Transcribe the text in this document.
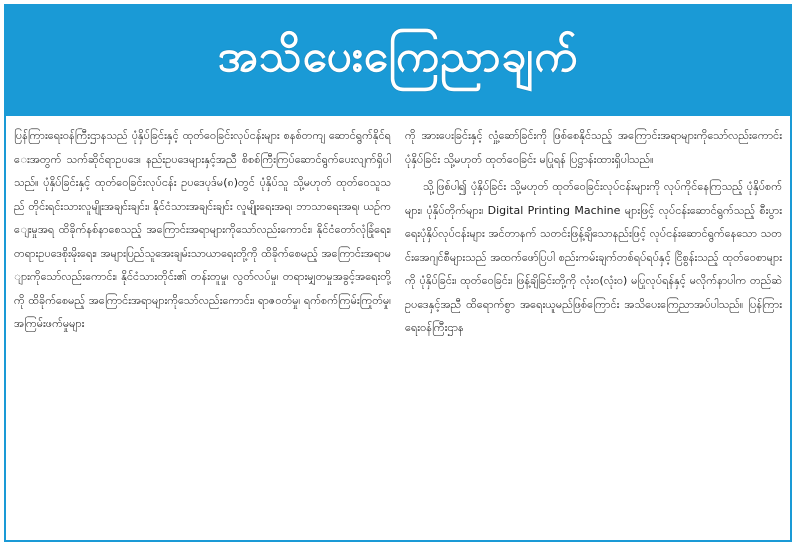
အသိပေးကြေညာချက်

ပြန်ကြားရေးဝန်ကြီးဌာနသည် ပုံနှိပ်ခြင်းနှင့် ထုတ်ဝေခြင်းလုပ်ငန်းများ စနစ်တကျ ဆောင်ရွက်နိုင်ရေးအတွက် သက်ဆိုင်ရာဥပဒေ၊ နည်းဥပဒေများနှင့်အညီ စိစစ်ကြီးကြပ်ဆောင်ရွက်ပေးလျက်ရှိပါသည်။ ပုံနှိပ်ခြင်းနှင့် ထုတ်ဝေခြင်းလုပ်ငန်း ဥပဒေပုဒ်မ(၈)တွင် ပုံနှိပ်သူ သို့မဟုတ် ထုတ်ဝေသူသည် တိုင်းရင်းသားလူမျိုးအချင်းချင်း၊ နိုင်ငံသားအချင်းချင်း လူမျိုးရေးအရ၊ ဘာသာရေးအရ၊ ယဉ်ကျေးမှုအရ ထိခိုက်နစ်နာစေသည့် အကြောင်းအရာများကိုသော်လည်းကောင်း၊ နိုင်ငံတော်လုံခြုံရေး၊ တရားဥပဒေစိုးမိုးရေး၊ အများပြည်သူအေးချမ်းသာယာရေးတို့ကို ထိခိုက်စေမည့် အကြောင်းအရာများကိုသော်လည်းကောင်း၊ နိုင်ငံသားတိုင်း၏ တန်းတူမှု၊ လွတ်လပ်မှု၊ တရားမျှတမှုအခွင့်အရေးတို့ကို ထိခိုက်စေမည့် အကြောင်းအရာများကိုသော်လည်းကောင်း၊ ရာဇဝတ်မှု၊ ရက်စက်ကြမ်းကြုတ်မှု၊ အကြမ်းဖက်မှုများ

ကို အားပေးခြင်းနှင့် လှုံ့ဆော်ခြင်းကို ဖြစ်စေနိုင်သည့် အကြောင်းအရာများကိုသော်လည်းကောင်း ပုံနှိပ်ခြင်း သို့မဟုတ် ထုတ်ဝေခြင်း မပြုရန် ပြဋ္ဌာန်းထားရှိပါသည်။

သို့ဖြစ်ပါ၍ ပုံနှိပ်ခြင်း သို့မဟုတ် ထုတ်ဝေခြင်းလုပ်ငန်းများကို လုပ်ကိုင်နေကြသည့် ပုံနှိပ်စက်များ၊ ပုံနှိပ်တိုက်များ၊ Digital Printing Machine များဖြင့် လုပ်ငန်းဆောင်ရွက်သည့် စီးပွားရေးပုံနှိပ်လုပ်ငန်းများ အင်တာနက် သတင်းဖြန့်ချိသောနည်းဖြင့် လုပ်ငန်းဆောင်ရွက်နေသော သတင်းအေဂျင်စီများသည် အထက်ဖော်ပြပါ စည်းကမ်းချက်တစ်ရပ်ရပ်နှင့် ငြိစွန်းသည့် ထုတ်ဝေစာများကို ပုံနှိပ်ခြင်း၊ ထုတ်ဝေခြင်း၊ ဖြန့်ချိခြင်းတို့ကို လုံးဝ(လုံးဝ) မပြုလုပ်ရန်နှင့် မလိုက်နာပါက တည်ဆဲဥပဒေနှင့်အညီ ထိရောက်စွာ အရေးယူမည်ဖြစ်ကြောင်း အသိပေးကြေညာအပ်ပါသည်။ ပြန်ကြားရေးဝန်ကြီးဌာန
